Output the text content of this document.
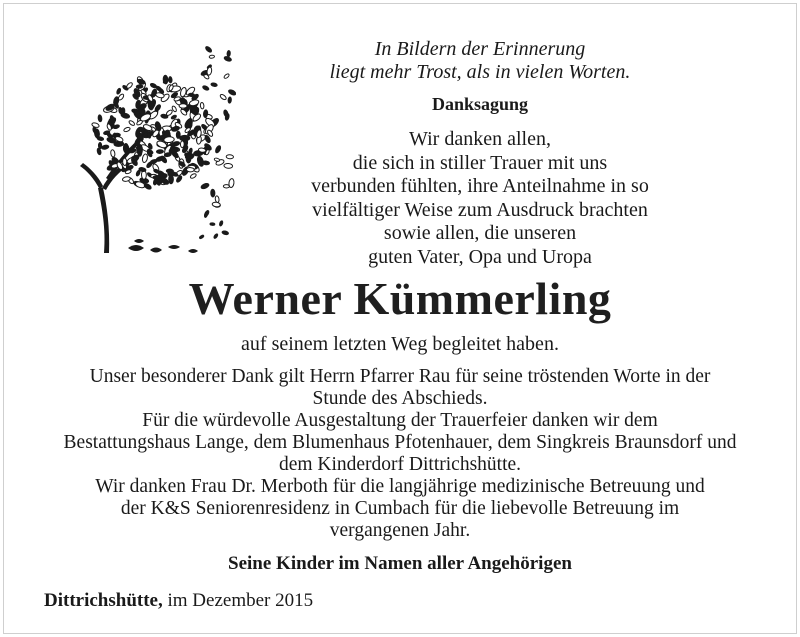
In Bildern der Erinnerung
liegt mehr Trost, als in vielen Worten.
Danksagung
Wir danken allen,
die sich in stiller Trauer mit uns
verbunden fühlten, ihre Anteilnahme in so
vielfältiger Weise zum Ausdruck brachten
sowie allen, die unseren
guten Vater, Opa und Uropa
Werner Kümmerling
auf seinem letzten Weg begleitet haben.

Unser besonderer Dank gilt Herrn Pfarrer Rau für seine tröstenden Worte in der

Stunde des Abschieds.

Für die würdevolle Ausgestaltung der Trauerfeier danken wir dem

Bestattungshaus Lange, dem Blumenhaus Pfotenhauer, dem Singkreis Braunsdorf und

dem Kinderdorf Dittrichshütte.

Wir danken Frau Dr. Merboth für die langjährige medizinische Betreuung und

der K&S Seniorenresidenz in Cumbach für die liebevolle Betreuung im

vergangenen Jahr.

Seine Kinder im Namen aller Angehörigen
Dittrichshütte, im Dezember 2015
